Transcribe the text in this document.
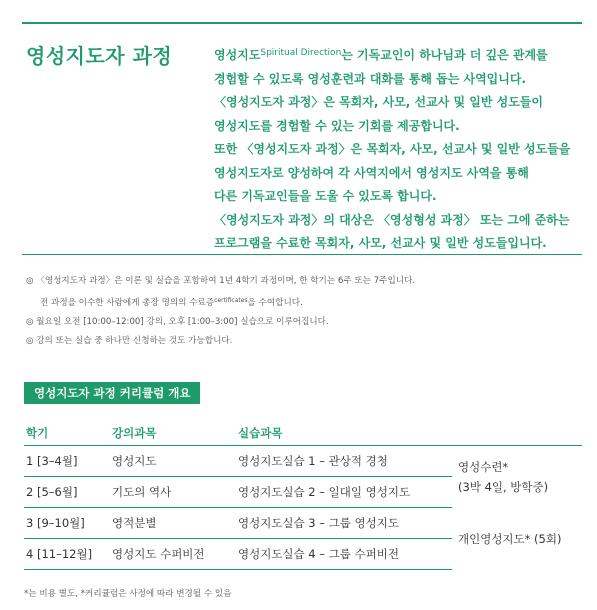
영성지도자 과정	영성지도$^{Spiritual Direction}$는 기독교인이 하나님과 더 깊은 관계를

경험할 수 있도록 영성훈련과 대화를 통해 돕는 사역입니다.

〈영성지도자 과정〉은 목회자, 사모, 선교사 및 일반 성도들이

영성지도를 경험할 수 있는 기회를 제공합니다.

또한 〈영성지도자 과정〉은 목회자, 사모, 선교사 및 일반 성도들을

영성지도자로 양성하여 각 사역지에서 영성지도 사역을 통해

다른 기독교인들을 도울 수 있도록 합니다.

〈영성지도자 과정〉의 대상은 〈영성형성 과정〉 또는 그에 준하는

프로그램을 수료한 목회자, 사모, 선교사 및 일반 성도들입니다.

◎ 〈영성지도자 과정〉은 이론 및 실습을 포함하여 1년 4학기 과정이며, 한 학기는 6주 또는 7주입니다.

전 과정을 이수한 사람에게 총장 명의의 수료증$^{certificates}$을 수여합니다.

◎ 월요일 오전 [10:00–12:00] 강의, 오후 [1:00–3:00] 실습으로 이루어집니다.

◎ 강의 또는 실습 중 하나만 신청하는 것도 가능합니다.

영성지도자 과정 커리큘럼 개요
학기	강의과목	실습과목	
1 [3–4월]	영성지도	영성지도실습 1 – 관상적 경청	영성수련*
(3박 4일, 방학중)

2 [5–6월]	기도의 역사	영성지도실습 2 – 일대일 영성지도	
3 [9–10월]	영적분별	영성지도실습 3 – 그룹 영성지도	개인영성지도* (5회)

4 [11–12월]	영성지도 수퍼비전	영성지도실습 4 – 그룹 수퍼비전	
*는 비용 별도, *커리큘럼은 사정에 따라 변경될 수 있음
